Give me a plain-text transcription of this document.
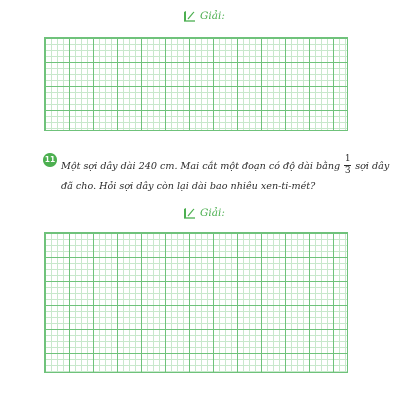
Giải:
11
Một sợi dây dài 240 cm. Mai cắt một đoạn có độ dài bằng $\frac{1}{3}$ sợi dây
đã cho. Hỏi sợi dây còn lại dài bao nhiêu xen-ti-mét?
Giải:
